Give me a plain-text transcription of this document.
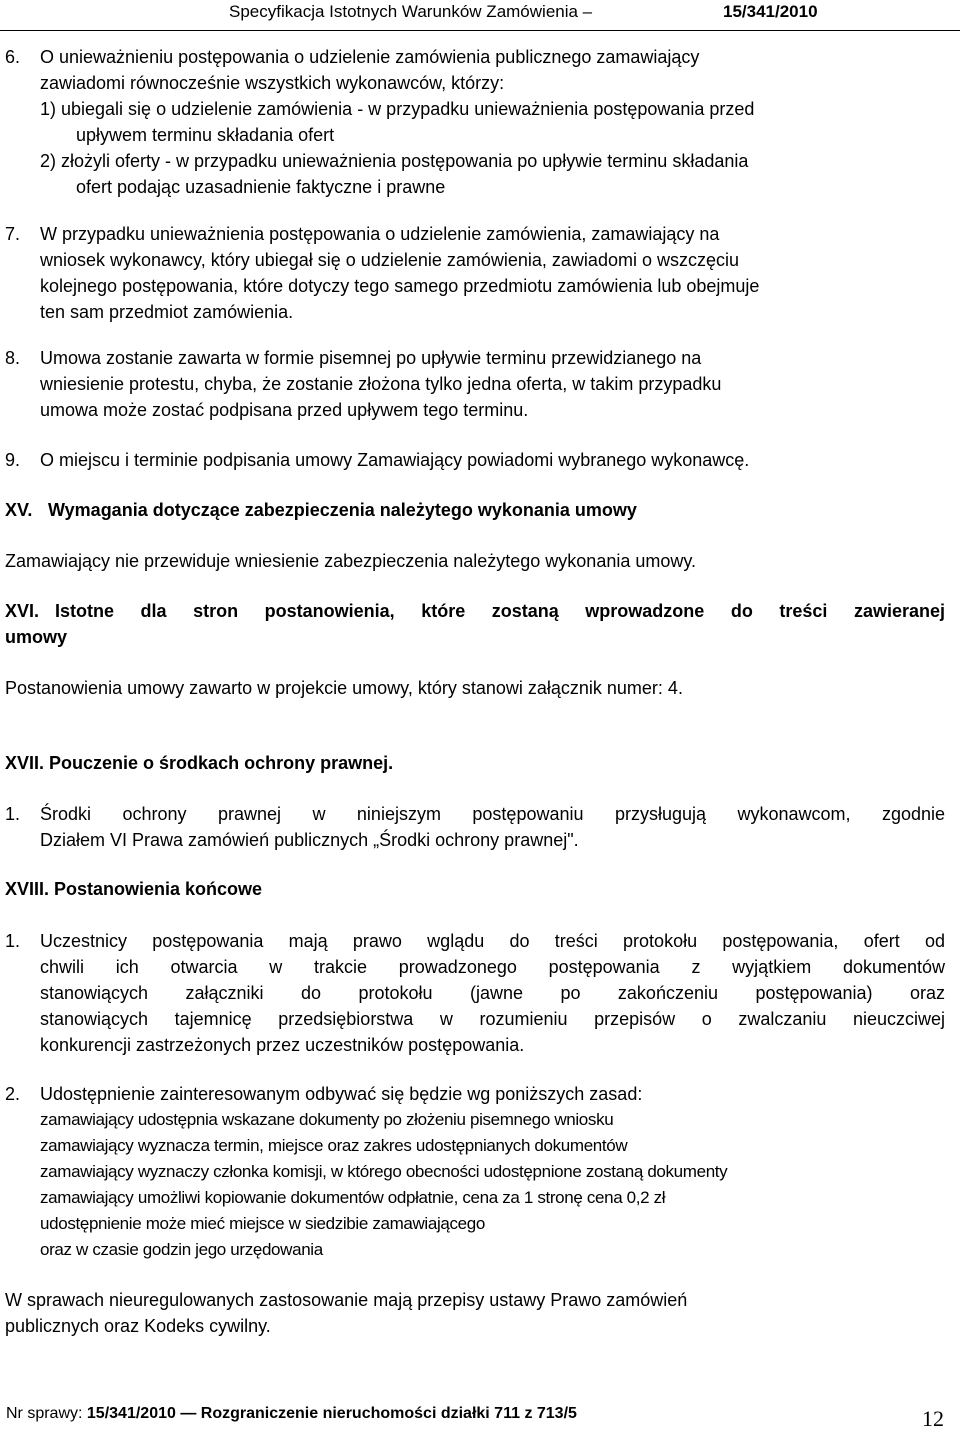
Specyfikacja Istotnych Warunków Zamówienia –	15/341/2010
6. O unieważnieniu postępowania o udzielenie zamówienia publicznego zamawiający
zawiadomi równocześnie wszystkich wykonawców, którzy:
1) ubiegali się o udzielenie zamówienia - w przypadku unieważnienia postępowania przed
upływem terminu składania ofert
2) złożyli oferty - w przypadku unieważnienia postępowania po upływie terminu składania
ofert podając uzasadnienie faktyczne i prawne
7. W przypadku unieważnienia postępowania o udzielenie zamówienia, zamawiający na
wniosek wykonawcy, który ubiegał się o udzielenie zamówienia, zawiadomi o wszczęciu
kolejnego postępowania, które dotyczy tego samego przedmiotu zamówienia lub obejmuje
ten sam przedmiot zamówienia.
8. Umowa zostanie zawarta w formie pisemnej po upływie terminu przewidzianego na
wniesienie protestu, chyba, że zostanie złożona tylko jedna oferta, w takim przypadku
umowa może zostać podpisana przed upływem tego terminu.
9. O miejscu i terminie podpisania umowy Zamawiający powiadomi wybranego wykonawcę.
XV. Wymagania dotyczące zabezpieczenia należytego wykonania umowy
Zamawiający nie przewiduje wniesienie zabezpieczenia należytego wykonania umowy.
XVI. Istotne dla stron postanowienia, które zostaną wprowadzone do treści zawieranej
umowy
Postanowienia umowy zawarto w projekcie umowy, który stanowi załącznik numer: 4.
XVII. Pouczenie o środkach ochrony prawnej.
1. Środki ochrony prawnej w niniejszym postępowaniu przysługują wykonawcom, zgodnie
Działem VI Prawa zamówień publicznych „Środki ochrony prawnej".
XVIII. Postanowienia końcowe
1. Uczestnicy postępowania mają prawo wglądu do treści protokołu postępowania, ofert od
chwili ich otwarcia w trakcie prowadzonego postępowania z wyjątkiem dokumentów
stanowiących załączniki do protokołu (jawne po zakończeniu postępowania) oraz
stanowiących tajemnicę przedsiębiorstwa w rozumieniu przepisów o zwalczaniu nieuczciwej
konkurencji zastrzeżonych przez uczestników postępowania.
2. Udostępnienie zainteresowanym odbywać się będzie wg poniższych zasad:
zamawiający udostępnia wskazane dokumenty po złożeniu pisemnego wniosku
zamawiający wyznacza termin, miejsce oraz zakres udostępnianych dokumentów
zamawiający wyznaczy członka komisji, w którego obecności udostępnione zostaną dokumenty
zamawiający umożliwi kopiowanie dokumentów odpłatnie, cena za 1 stronę cena 0,2 zł
udostępnienie może mieć miejsce w siedzibie zamawiającego
oraz w czasie godzin jego urzędowania
W sprawach nieuregulowanych zastosowanie mają przepisy ustawy Prawo zamówień
publicznych oraz Kodeks cywilny.
Nr sprawy: 15/341/2010 — Rozgraniczenie nieruchomości działki 711 z 713/5	12
